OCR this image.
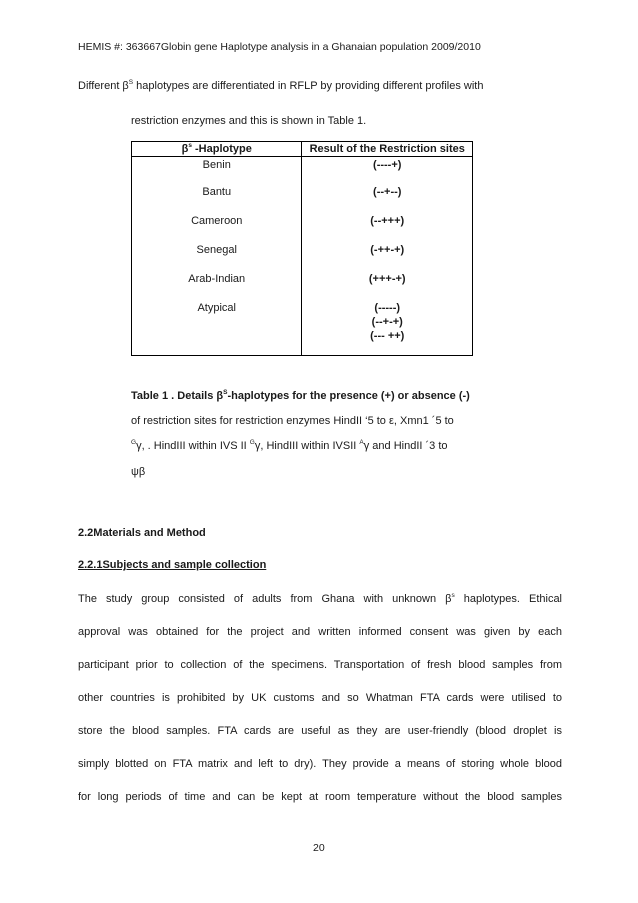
HEMIS #: 363667Globin gene Haplotype analysis in a Ghanaian population 2009/2010
Different $\beta^S$ haplotypes are differentiated in RFLP by providing different profiles with
restriction enzymes and this is shown in Table 1.
$\beta^s$ -Haplotype	Result of the Restriction sites
Benin	(----+)

Bantu	(--+--)

Cameroon	(--+++)

Senegal	(-++-+)

Arab-Indian	(+++-+)

Atypical	(-----)
(--+-+)
(--- ++)
Table 1 . Details $\beta^S$-haplotypes for the presence (+) or absence (-)
of restriction sites for restriction enzymes HindII ‘5 to ε, Xmn1 ´5 to
$^G$γ, . HindIII within IVS II $^G$γ, HindIII within IVSII $^A$γ and HindII ´3 to
ψβ
2.2Materials and Method
2.2.1Subjects and sample collection
The study group consisted of adults from Ghana with unknown $\beta^s$ haplotypes. Ethical
approval was obtained for the project and written informed consent was given by each
participant prior to collection of the specimens. Transportation of fresh blood samples from
other countries is prohibited by UK customs and so Whatman FTA cards were utilised to
store the blood samples. FTA cards are useful as they are user-friendly (blood droplet is
simply blotted on FTA matrix and left to dry). They provide a means of storing whole blood
for long periods of time and can be kept at room temperature without the blood samples
20
